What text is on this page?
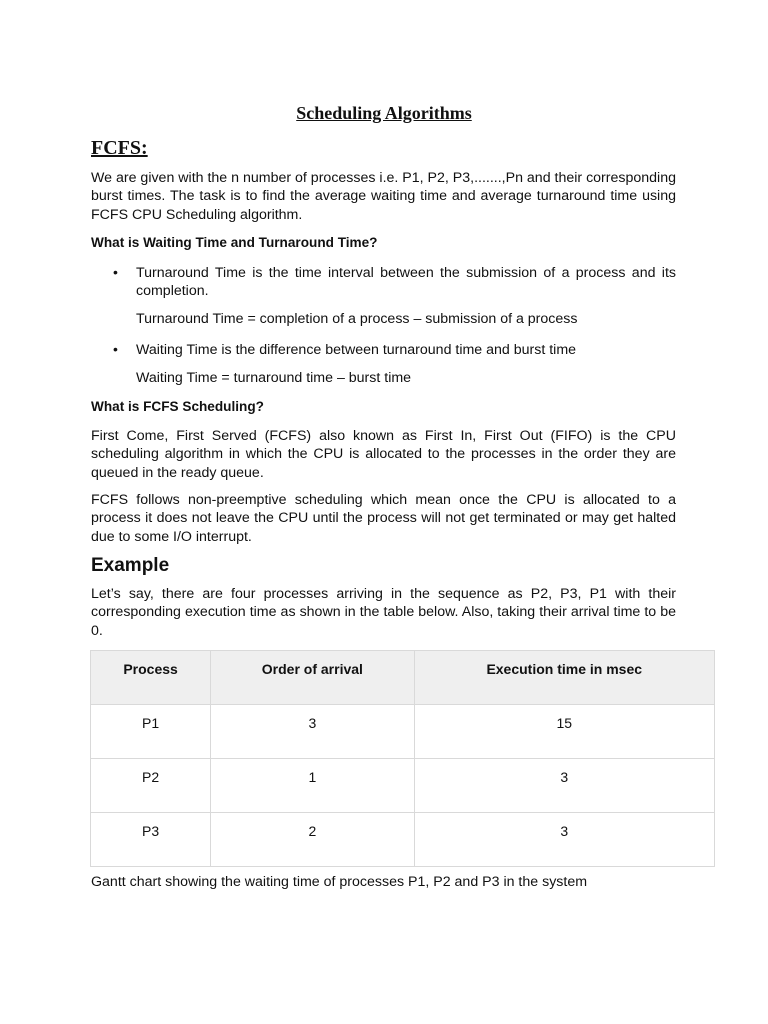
Scheduling Algorithms
FCFS:
We are given with the n number of processes i.e. P1, P2, P3,.......,Pn and their corresponding burst times. The task is to find the average waiting time and average turnaround time using FCFS CPU Scheduling algorithm.
What is Waiting Time and Turnaround Time?
• Turnaround Time is the time interval between the submission of a process and its completion.
Turnaround Time = completion of a process – submission of a process
• Waiting Time is the difference between turnaround time and burst time
Waiting Time = turnaround time – burst time
What is FCFS Scheduling?
First Come, First Served (FCFS) also known as First In, First Out (FIFO) is the CPU scheduling algorithm in which the CPU is allocated to the processes in the order they are queued in the ready queue.
FCFS follows non-preemptive scheduling which mean once the CPU is allocated to a process it does not leave the CPU until the process will not get terminated or may get halted due to some I/O interrupt.
Example
Let’s say, there are four processes arriving in the sequence as P2, P3, P1 with their corresponding execution time as shown in the table below. Also, taking their arrival time to be 0.
Process	Order of arrival	Execution time in msec
P1	3	15
P2	1	3
P3	2	3
Gantt chart showing the waiting time of processes P1, P2 and P3 in the system
